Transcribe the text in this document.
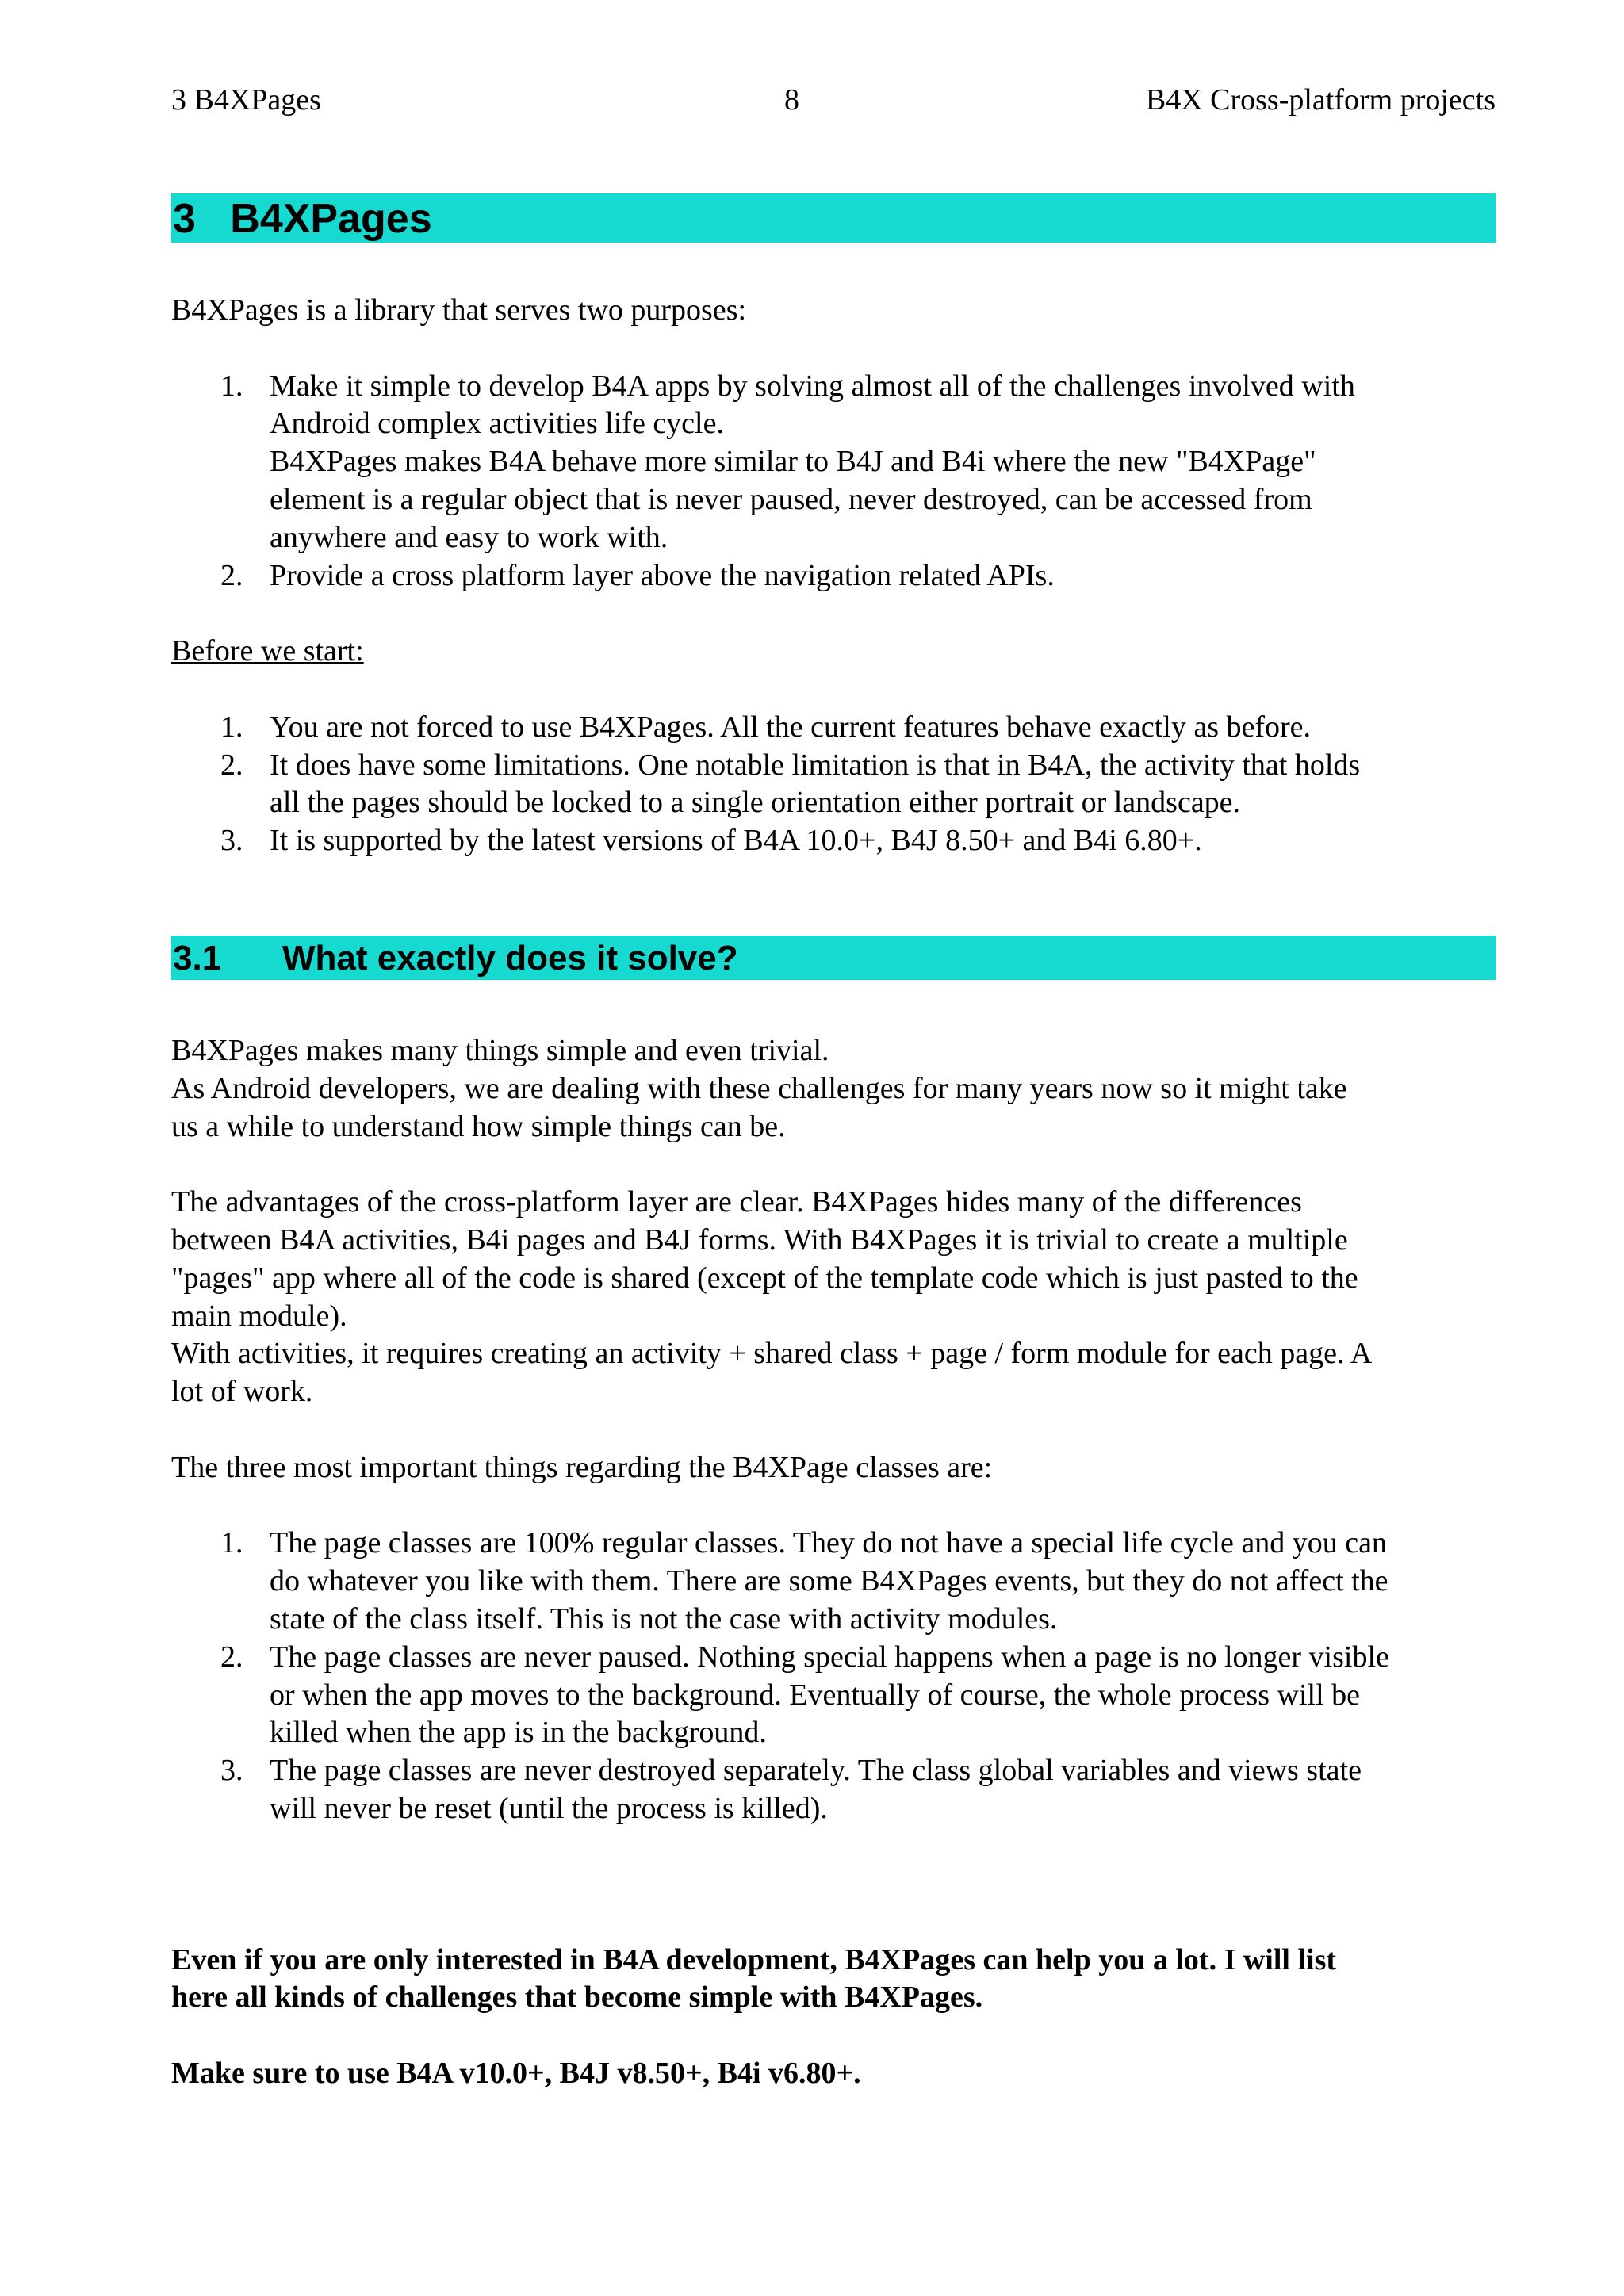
3 B4XPages	8	B4X Cross-platform projects
3 B4XPages

B4XPages is a library that serves two purposes:

1. Make it simple to develop B4A apps by solving almost all of the challenges involved with
Android complex activities life cycle.
B4XPages makes B4A behave more similar to B4J and B4i where the new "B4XPage"
element is a regular object that is never paused, never destroyed, can be accessed from
anywhere and easy to work with.
2. Provide a cross platform layer above the navigation related APIs.

Before we start:

1. You are not forced to use B4XPages. All the current features behave exactly as before.
2. It does have some limitations. One notable limitation is that in B4A, the activity that holds
all the pages should be locked to a single orientation either portrait or landscape.
3. It is supported by the latest versions of B4A 10.0+, B4J 8.50+ and B4i 6.80+.
3.1 What exactly does it solve?

B4XPages makes many things simple and even trivial.
As Android developers, we are dealing with these challenges for many years now so it might take
us a while to understand how simple things can be.

The advantages of the cross-platform layer are clear. B4XPages hides many of the differences
between B4A activities, B4i pages and B4J forms. With B4XPages it is trivial to create a multiple
"pages" app where all of the code is shared (except of the template code which is just pasted to the
main module).
With activities, it requires creating an activity + shared class + page / form module for each page. A
lot of work.

The three most important things regarding the B4XPage classes are:

1. The page classes are 100% regular classes. They do not have a special life cycle and you can
do whatever you like with them. There are some B4XPages events, but they do not affect the
state of the class itself. This is not the case with activity modules.
2. The page classes are never paused. Nothing special happens when a page is no longer visible
or when the app moves to the background. Eventually of course, the whole process will be
killed when the app is in the background.
3. The page classes are never destroyed separately. The class global variables and views state
will never be reset (until the process is killed).

Even if you are only interested in B4A development, B4XPages can help you a lot. I will list
here all kinds of challenges that become simple with B4XPages.

Make sure to use B4A v10.0+, B4J v8.50+, B4i v6.80+.
